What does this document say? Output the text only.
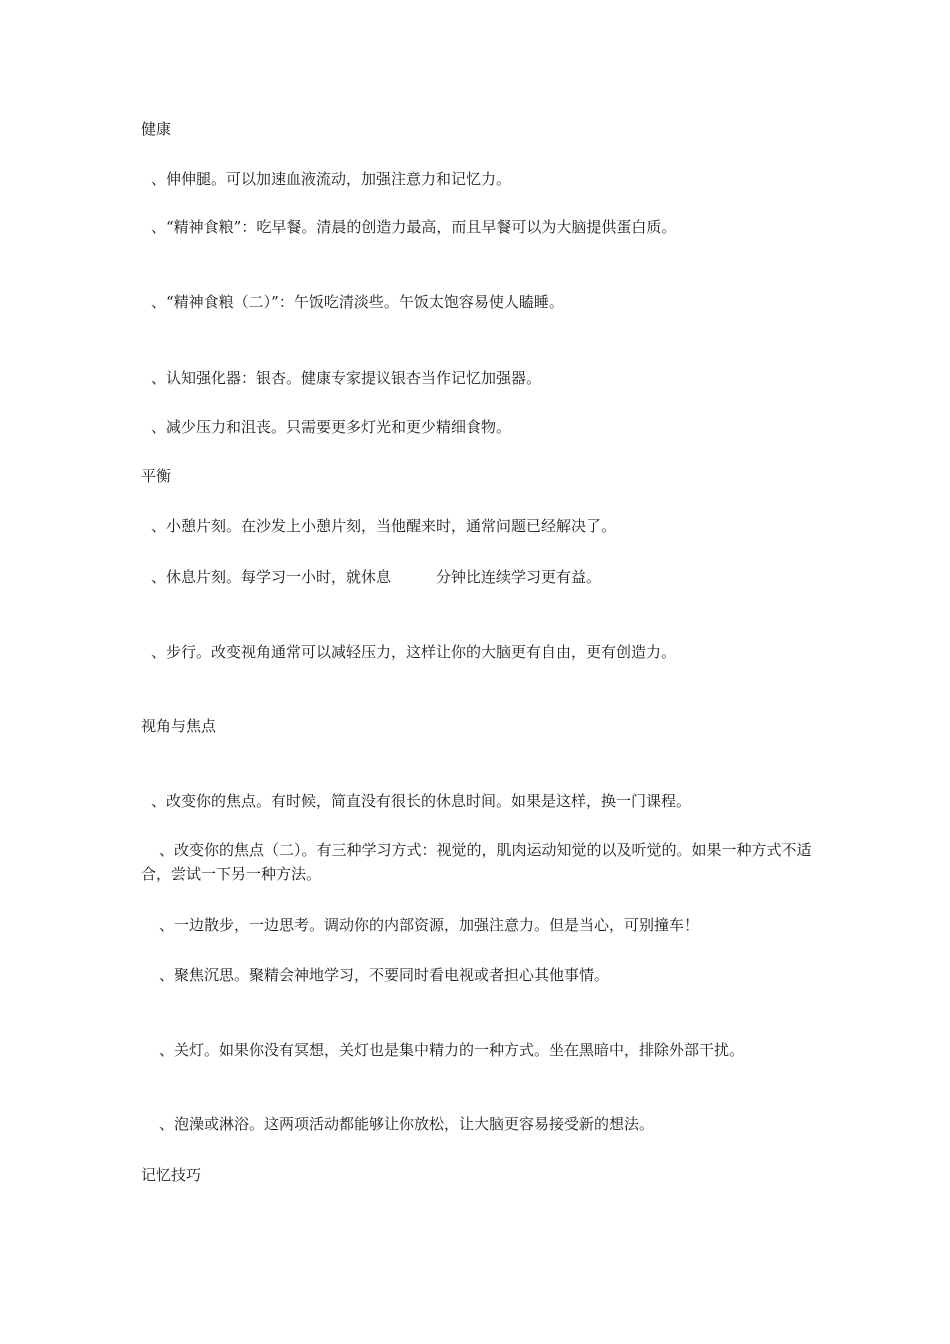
健康
、伸伸腿。可以加速血液流动，加强注意力和记忆力。
、“精神食粮”：吃早餐。清晨的创造力最高，而且早餐可以为大脑提供蛋白质。
、“精神食粮（二）”：午饭吃清淡些。午饭太饱容易使人瞌睡。
、认知强化器：银杏。健康专家提议银杏当作记忆加强器。
、减少压力和沮丧。只需要更多灯光和更少精细食物。
平衡
、小憩片刻。在沙发上小憩片刻，当他醒来时，通常问题已经解决了。
、休息片刻。每学习一小时，就休息　　　分钟比连续学习更有益。
、步行。改变视角通常可以减轻压力，这样让你的大脑更有自由，更有创造力。
视角与焦点
、改变你的焦点。有时候，简直没有很长的休息时间。如果是这样，换一门课程。
、改变你的焦点（二）。有三种学习方式：视觉的，肌肉运动知觉的以及听觉的。如果一种方式不适合，尝试一下另一种方法。
、一边散步，一边思考。调动你的内部资源，加强注意力。但是当心，可别撞车！
、聚焦沉思。聚精会神地学习，不要同时看电视或者担心其他事情。
、关灯。如果你没有冥想，关灯也是集中精力的一种方式。坐在黑暗中，排除外部干扰。
、泡澡或淋浴。这两项活动都能够让你放松，让大脑更容易接受新的想法。
记忆技巧
